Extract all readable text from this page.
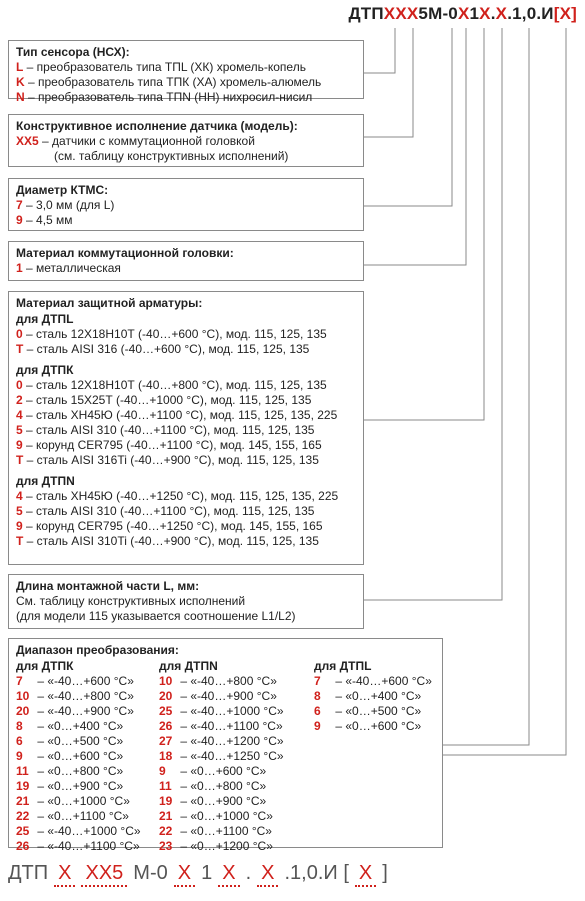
ДТПXXX5М-0X1X.X.1,0.И[X]
Тип сенсора (НСХ):
L – преобразователь типа ТПL (ХК) хромель-копель
K – преобразователь типа ТПК (ХА) хромель-алюмель
N – преобразователь типа ТПN (НН) нихросил-нисил
Конструктивное исполнение датчика (модель):
XX5 – датчики с коммутационной головкой
(см. таблицу конструктивных исполнений)
Диаметр КТМС:
7 – 3,0 мм (для L)
9 – 4,5 мм
Материал коммутационной головки:
1 – металлическая
Материал защитной арматуры:
для ДТПL
0 – сталь 12Х18Н10Т (-40…+600 °С), мод. 115, 125, 135
T – сталь AISI 316 (-40…+600 °С), мод. 115, 125, 135
для ДТПК
0 – сталь 12Х18Н10Т (-40…+800 °С), мод. 115, 125, 135
2 – сталь 15Х25Т (-40…+1000 °С), мод. 115, 125, 135
4 – сталь ХН45Ю (-40…+1100 °С), мод. 115, 125, 135, 225
5 – сталь AISI 310 (-40…+1100 °С), мод. 115, 125, 135
9 – корунд CER795 (-40…+1100 °С), мод. 145, 155, 165
T – сталь AISI 316Ti (-40…+900 °С), мод. 115, 125, 135
для ДТПN
4 – сталь ХН45Ю (-40…+1250 °С), мод. 115, 125, 135, 225
5 – сталь AISI 310 (-40…+1100 °С), мод. 115, 125, 135
9 – корунд CER795 (-40…+1250 °С), мод. 145, 155, 165
T – сталь AISI 310Ti (-40…+900 °С), мод. 115, 125, 135
Длина монтажной части L, мм:
См. таблицу конструктивных исполнений
(для модели 115 указывается соотношение L1/L2)
Диапазон преобразования:
для ДТПК
7 – «-40…+600 °С»
10 – «-40…+800 °С»
20 – «-40…+900 °С»
8 – «0…+400 °С»
6 – «0…+500 °С»
9 – «0…+600 °С»
11 – «0…+800 °С»
19 – «0…+900 °С»
21 – «0…+1000 °С»
22 – «0…+1100 °С»
25 – «-40…+1000 °С»
26 – «-40…+1100 °С»
для ДТПN
10 – «-40…+800 °С»
20 – «-40…+900 °С»
25 – «-40…+1000 °С»
26 – «-40…+1100 °С»
27 – «-40…+1200 °С»
18 – «-40…+1250 °С»
9 – «0…+600 °С»
11 – «0…+800 °С»
19 – «0…+900 °С»
21 – «0…+1000 °С»
22 – «0…+1100 °С»
23 – «0…+1200 °С»
для ДТПL
7 – «-40…+600 °С»
8 – «0…+400 °С»
6 – «0…+500 °С»
9 – «0…+600 °С»
ДТП X XX5 М-0 X 1 X . X .1,0.И [ X ]
